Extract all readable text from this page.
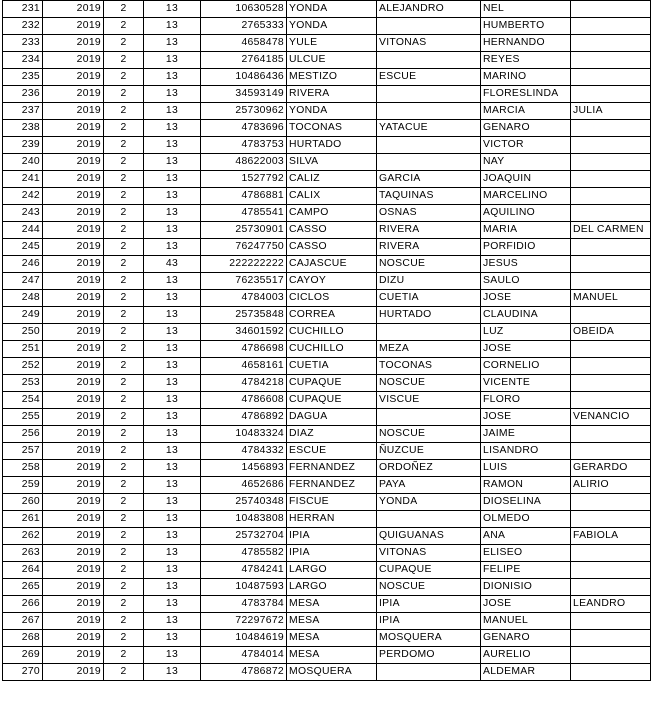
231	2019	2	13	10630528	YONDA	ALEJANDRO	NEL	
232	2019	2	13	2765333	YONDA		HUMBERTO	
233	2019	2	13	4658478	YULE	VITONAS	HERNANDO	
234	2019	2	13	2764185	ULCUE		REYES	
235	2019	2	13	10486436	MESTIZO	ESCUE	MARINO	
236	2019	2	13	34593149	RIVERA		FLORESLINDA	
237	2019	2	13	25730962	YONDA		MARCIA	JULIA
238	2019	2	13	4783696	TOCONAS	YATACUE	GENARO	
239	2019	2	13	4783753	HURTADO		VICTOR	
240	2019	2	13	48622003	SILVA		NAY	
241	2019	2	13	1527792	CALIZ	GARCIA	JOAQUIN	
242	2019	2	13	4786881	CALIX	TAQUINAS	MARCELINO	
243	2019	2	13	4785541	CAMPO	OSNAS	AQUILINO	
244	2019	2	13	25730901	CASSO	RIVERA	MARIA	DEL CARMEN
245	2019	2	13	76247750	CASSO	RIVERA	PORFIDIO	
246	2019	2	43	222222222	CAJASCUE	NOSCUE	JESUS	
247	2019	2	13	76235517	CAYOY	DIZU	SAULO	
248	2019	2	13	4784003	CICLOS	CUETIA	JOSE	MANUEL
249	2019	2	13	25735848	CORREA	HURTADO	CLAUDINA	
250	2019	2	13	34601592	CUCHILLO		LUZ	OBEIDA
251	2019	2	13	4786698	CUCHILLO	MEZA	JOSE	
252	2019	2	13	4658161	CUETIA	TOCONAS	CORNELIO	
253	2019	2	13	4784218	CUPAQUE	NOSCUE	VICENTE	
254	2019	2	13	4786608	CUPAQUE	VISCUE	FLORO	
255	2019	2	13	4786892	DAGUA		JOSE	VENANCIO
256	2019	2	13	10483324	DIAZ	NOSCUE	JAIME	
257	2019	2	13	4784332	ESCUE	ÑUZCUE	LISANDRO	
258	2019	2	13	1456893	FERNANDEZ	ORDOÑEZ	LUIS	GERARDO
259	2019	2	13	4652686	FERNANDEZ	PAYA	RAMON	ALIRIO
260	2019	2	13	25740348	FISCUE	YONDA	DIOSELINA	
261	2019	2	13	10483808	HERRAN		OLMEDO	
262	2019	2	13	25732704	IPIA	QUIGUANAS	ANA	FABIOLA
263	2019	2	13	4785582	IPIA	VITONAS	ELISEO	
264	2019	2	13	4784241	LARGO	CUPAQUE	FELIPE	
265	2019	2	13	10487593	LARGO	NOSCUE	DIONISIO	
266	2019	2	13	4783784	MESA	IPIA	JOSE	LEANDRO
267	2019	2	13	72297672	MESA	IPIA	MANUEL	
268	2019	2	13	10484619	MESA	MOSQUERA	GENARO	
269	2019	2	13	4784014	MESA	PERDOMO	AURELIO	
270	2019	2	13	4786872	MOSQUERA		ALDEMAR	
